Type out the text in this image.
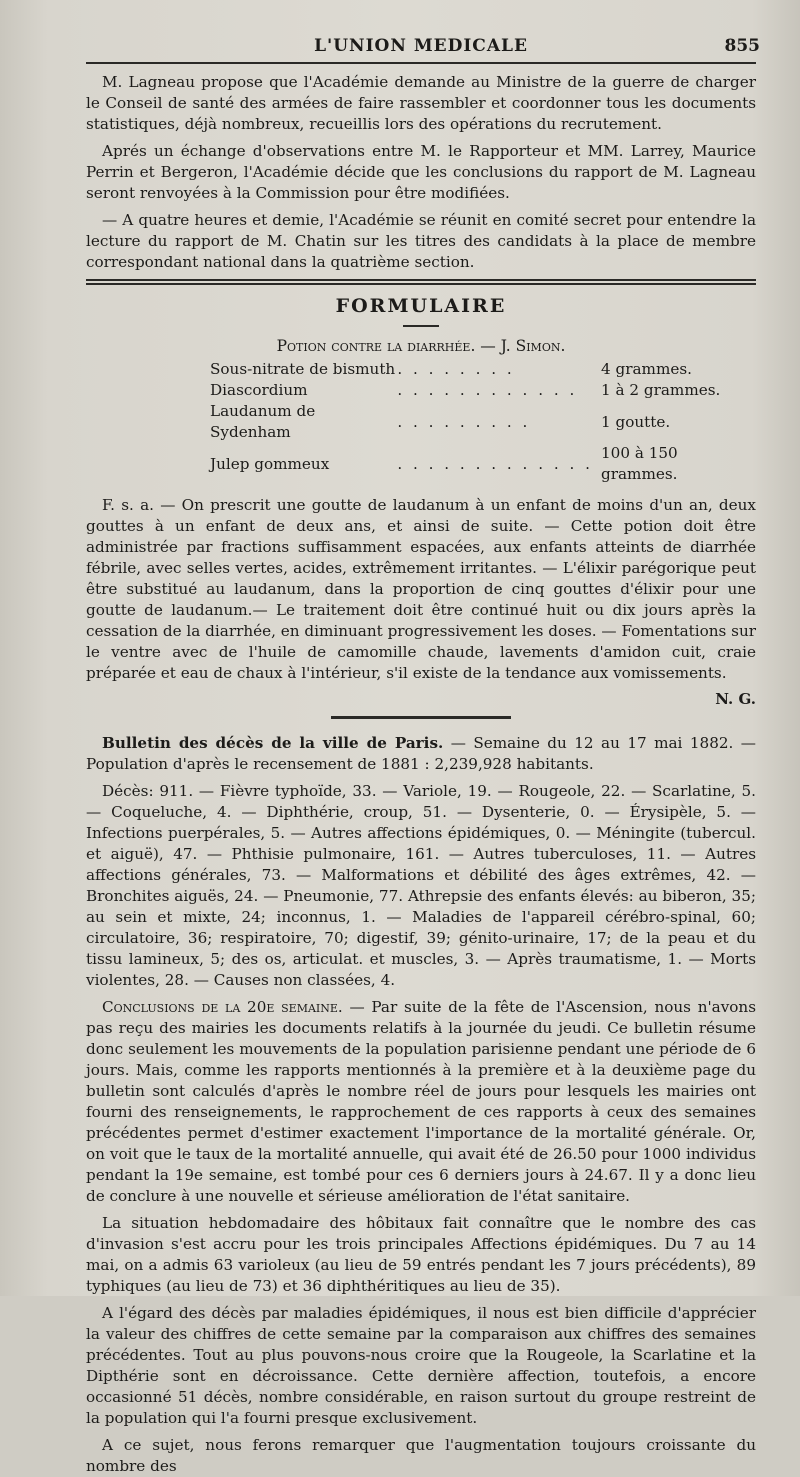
L'UNION MEDICALE	855

M. Lagneau propose que l'Académie demande au Ministre de la guerre de charger le Conseil de santé des armées de faire rassembler et coordonner tous les documents statistiques, déjà nombreux, recueillis lors des opérations du recrutement.

Aprés un échange d'observations entre M. le Rapporteur et MM. Larrey, Maurice Perrin et Bergeron, l'Académie décide que les conclusions du rapport de M. Lagneau seront renvoyées à la Commission pour être modifiées.

— A quatre heures et demie, l'Académie se réunit en comité secret pour entendre la lecture du rapport de M. Chatin sur les titres des candidats à la place de membre correspondant national dans la quatrième section.

FORMULAIRE
Potion contre la diarrhée. — J. Simon.
Sous-nitrate de bismuth	. . . . . . . .	4 grammes.
Diascordium	. . . . . . . . . . . .	1 à 2 grammes.
Laudanum de Sydenham	. . . . . . . . .	1 goutte.
Julep gommeux	. . . . . . . . . . . . .	100 à 150 grammes.

F. s. a. — On prescrit une goutte de laudanum à un enfant de moins d'un an, deux gouttes à un enfant de deux ans, et ainsi de suite. — Cette potion doit être administrée par fractions suffisamment espacées, aux enfants atteints de diarrhée fébrile, avec selles vertes, acides, extrêmement irritantes. — L'élixir parégorique peut être substitué au laudanum, dans la proportion de cinq gouttes d'élixir pour une goutte de laudanum.— Le traitement doit être continué huit ou dix jours après la cessation de la diarrhée, en diminuant progressivement les doses. — Fomentations sur le ventre avec de l'huile de camomille chaude, lavements d'amidon cuit, craie préparée et eau de chaux à l'intérieur, s'il existe de la tendance aux vomissements.

N. G.

Bulletin des décès de la ville de Paris. — Semaine du 12 au 17 mai 1882. — Population d'après le recensement de 1881 : 2,239,928 habitants.

Décès: 911. — Fièvre typhoïde, 33. — Variole, 19. — Rougeole, 22. — Scarlatine, 5. — Coqueluche, 4. — Diphthérie, croup, 51. — Dysenterie, 0. — Érysipèle, 5. — Infections puerpérales, 5. — Autres affections épidémiques, 0. — Méningite (tubercul. et aiguë), 47. — Phthisie pulmonaire, 161. — Autres tuberculoses, 11. — Autres affections générales, 73. — Malformations et débilité des âges extrêmes, 42. — Bronchites aiguës, 24. — Pneumonie, 77. Athrepsie des enfants élevés: au biberon, 35; au sein et mixte, 24; inconnus, 1. — Maladies de l'appareil cérébro-spinal, 60; circulatoire, 36; respiratoire, 70; digestif, 39; génito-urinaire, 17; de la peau et du tissu lamineux, 5; des os, articulat. et muscles, 3. — Après traumatisme, 1. — Morts violentes, 28. — Causes non classées, 4.

Conclusions de la 20e semaine. — Par suite de la fête de l'Ascension, nous n'avons pas reçu des mairies les documents relatifs à la journée du jeudi. Ce bulletin résume donc seulement les mouvements de la population parisienne pendant une période de 6 jours. Mais, comme les rapports mentionnés à la première et à la deuxième page du bulletin sont calculés d'après le nombre réel de jours pour lesquels les mairies ont fourni des renseignements, le rapprochement de ces rapports à ceux des semaines précédentes permet d'estimer exactement l'importance de la mortalité générale. Or, on voit que le taux de la mortalité annuelle, qui avait été de 26.50 pour 1000 individus pendant la 19e semaine, est tombé pour ces 6 derniers jours à 24.67. Il y a donc lieu de conclure à une nouvelle et sérieuse amélioration de l'état sanitaire.

La situation hebdomadaire des hôbitaux fait connaître que le nombre des cas d'invasion s'est accru pour les trois principales Affections épidémiques. Du 7 au 14 mai, on a admis 63 varioleux (au lieu de 59 entrés pendant les 7 jours précédents), 89 typhiques (au lieu de 73) et 36 diphthéritiques au lieu de 35).

A l'égard des décès par maladies épidémiques, il nous est bien difficile d'apprécier la valeur des chiffres de cette semaine par la comparaison aux chiffres des semaines précédentes. Tout au plus pouvons-nous croire que la Rougeole, la Scarlatine et la Dipthérie sont en décroissance. Cette dernière affection, toutefois, a encore occasionné 51 décès, nombre considérable, en raison surtout du groupe restreint de la population qui l'a fourni presque exclusivement.

A ce sujet, nous ferons remarquer que l'augmentation toujours croissante du nombre des
